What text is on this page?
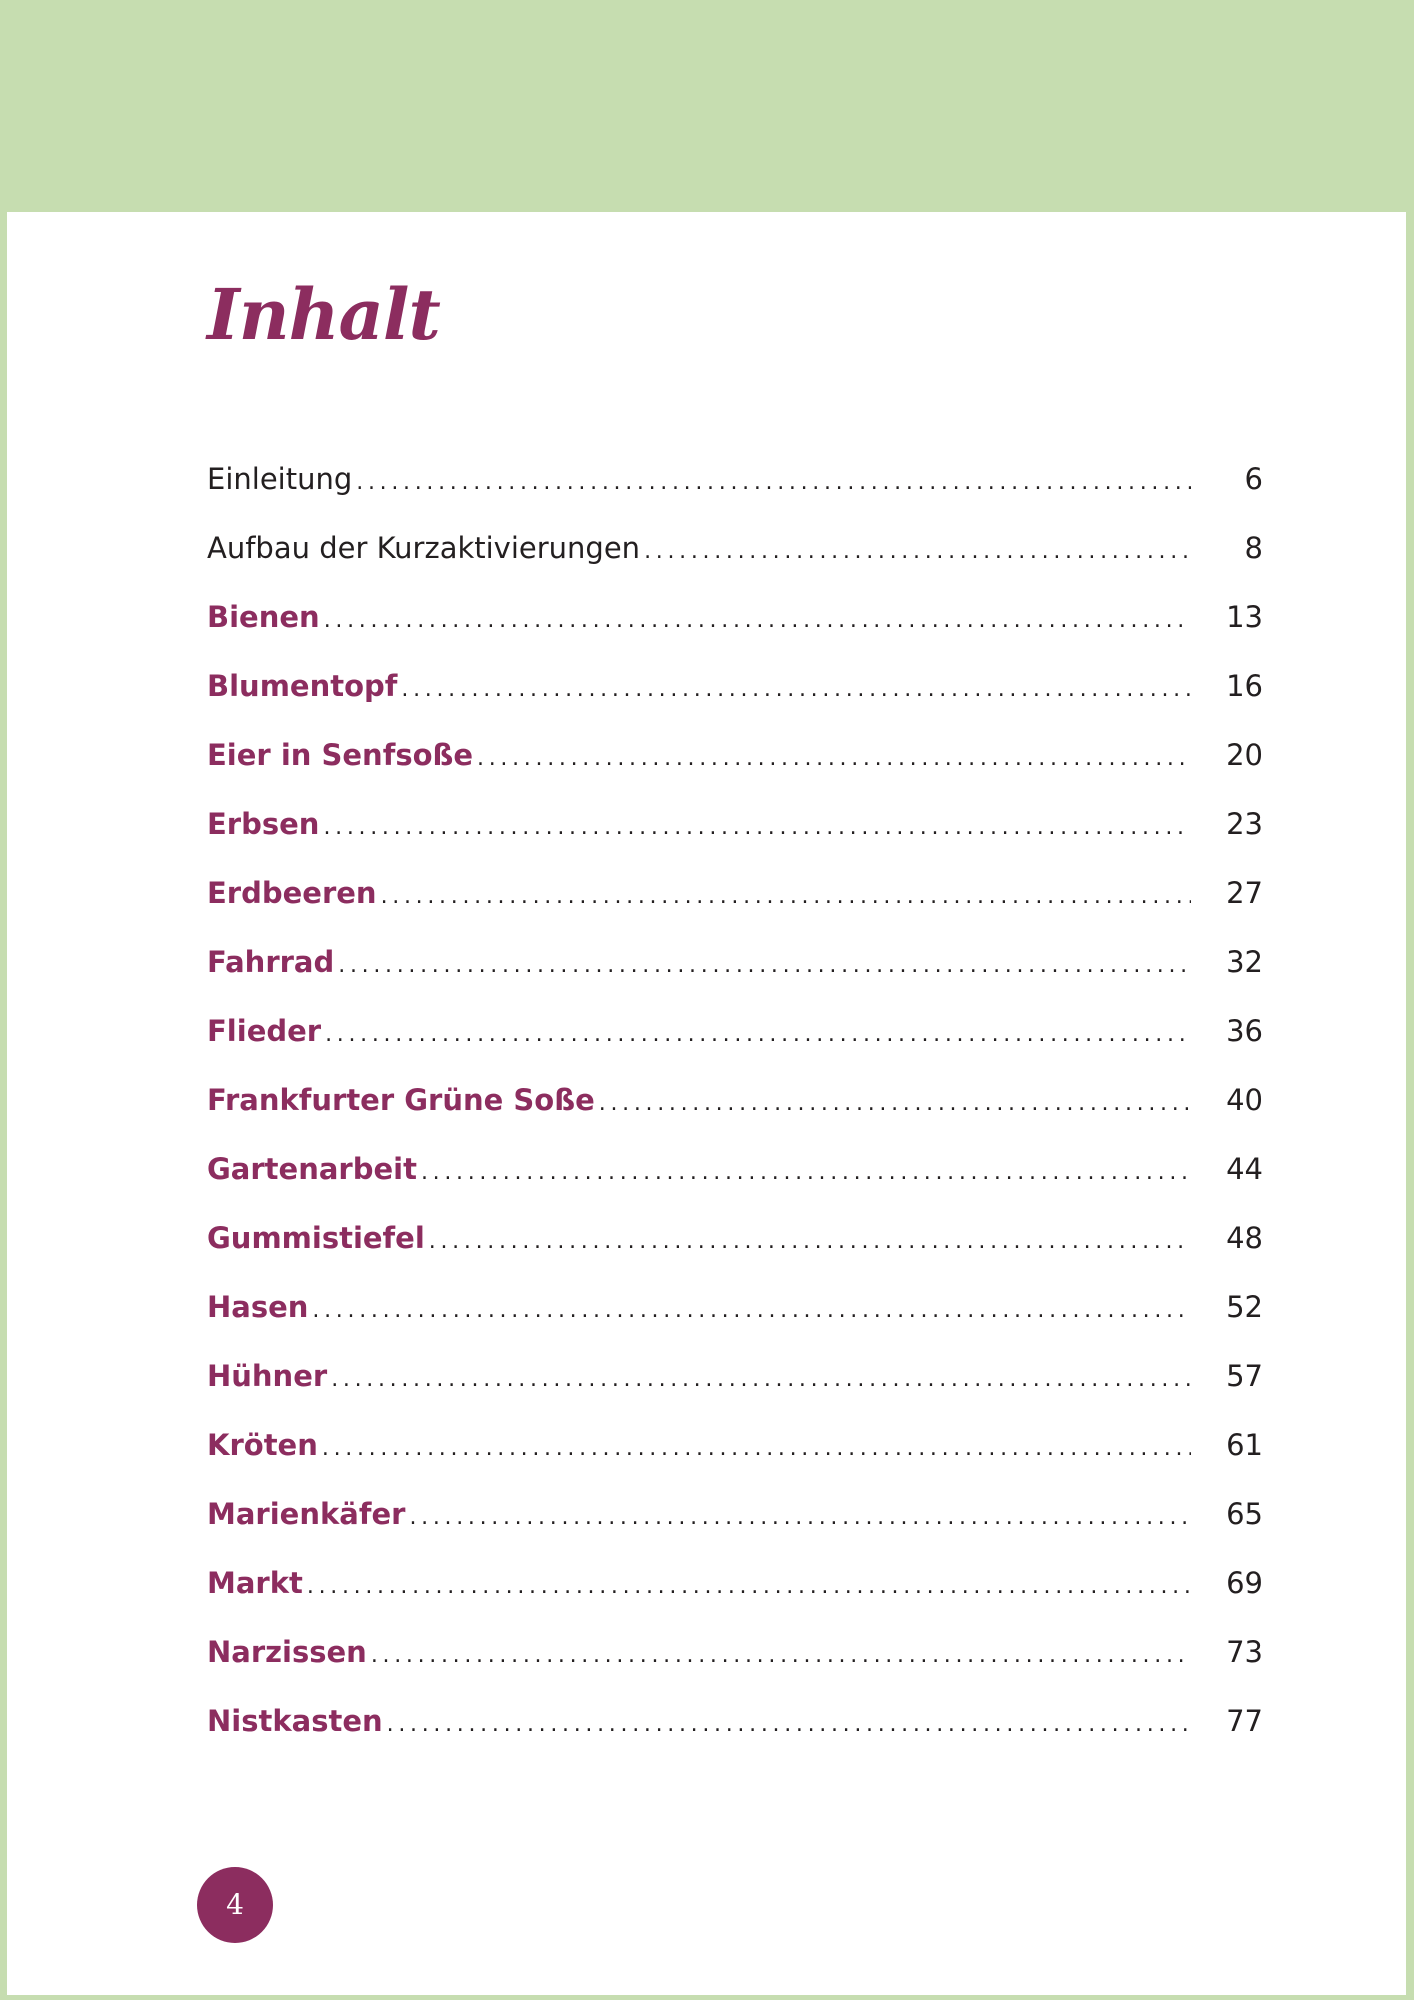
Inhalt
Einleitung .....	6
Aufbau der Kurzaktivierungen .....	8
Bienen .....	13
Blumentopf .....	16
Eier in Senfsoße .....	20
Erbsen .....	23
Erdbeeren .....	27
Fahrrad .....	32
Flieder .....	36
Frankfurter Grüne Soße .....	40
Gartenarbeit .....	44
Gummistiefel .....	48
Hasen .....	52
Hühner .....	57
Kröten .....	61
Marienkäfer .....	65
Markt .....	69
Narzissen .....	73
Nistkasten .....	77
4
